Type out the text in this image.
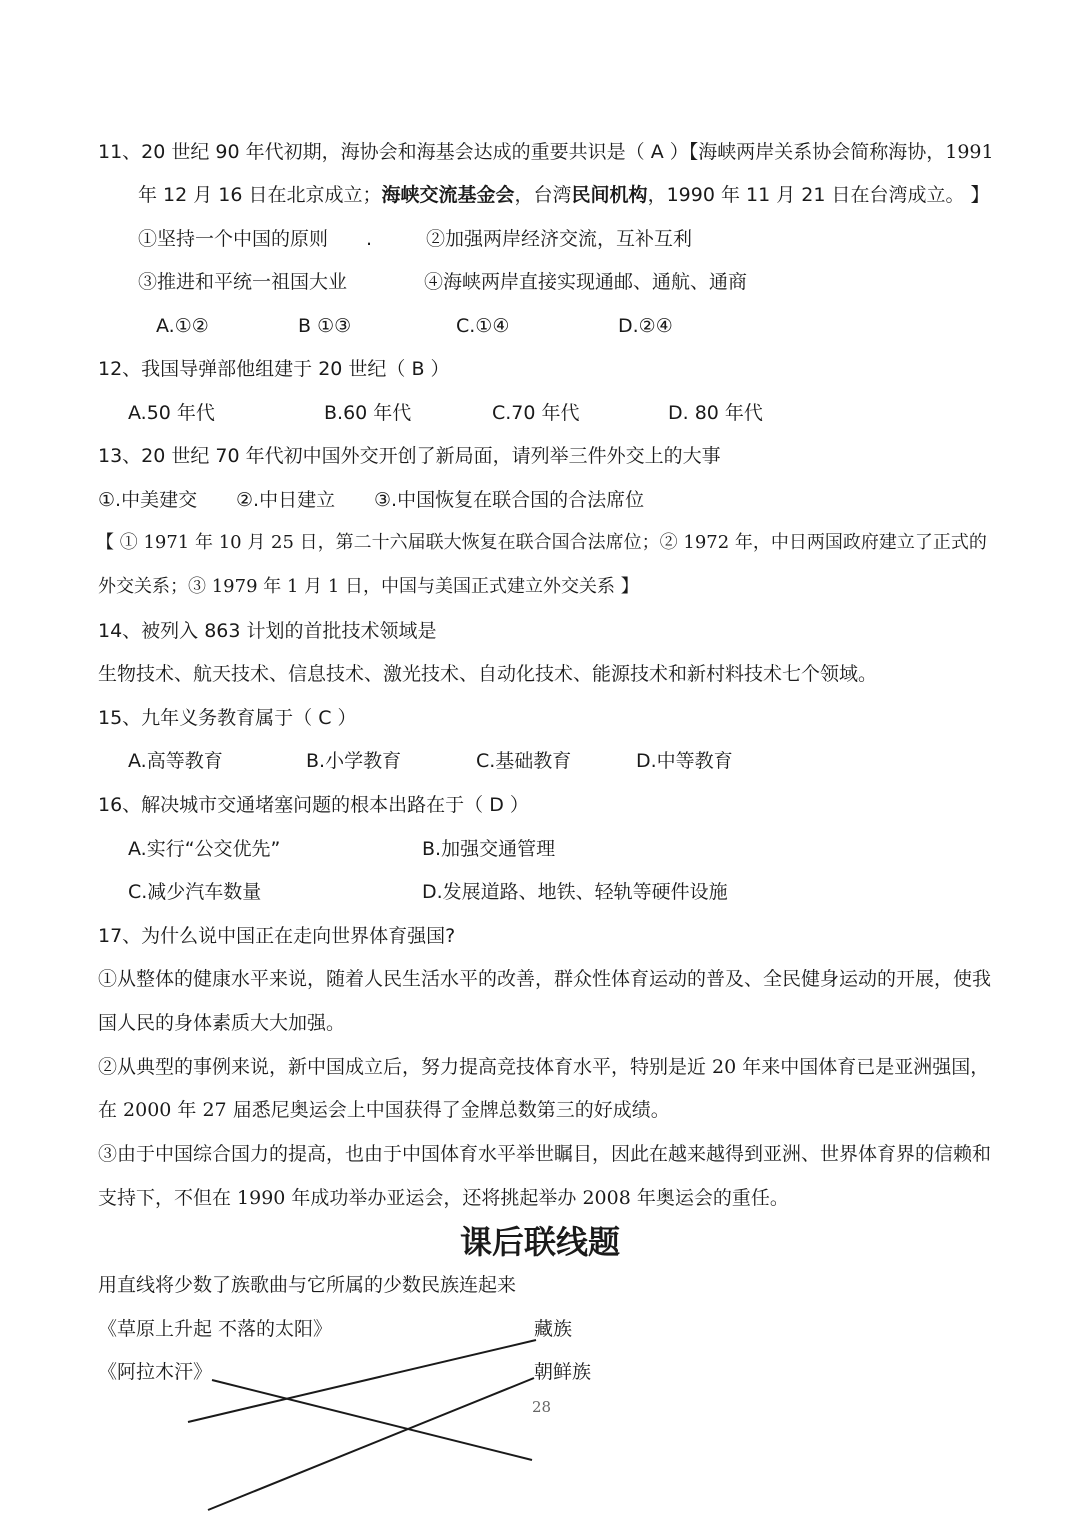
11、20 世纪 90 年代初期，海协会和海基会达成的重要共识是（ A ）【海峡两岸关系协会简称海协，1991
年 12 月 16 日在北京成立；海峡交流基金会，台湾民间机构，1990 年 11 月 21 日在台湾成立。 】
①坚持一个中国的原则 .	②加强两岸经济交流，互补互利
③推进和平统一祖国大业	④海峡两岸直接实现通邮、通航、通商
A.①②	B ①③	C.①④	D.②④
12、我国导弹部他组建于 20 世纪（ B ）
A.50 年代	B.60 年代	C.70 年代	D. 80 年代
13、20 世纪 70 年代初中国外交开创了新局面，请列举三件外交上的大事
①.中美建交 ②.中日建立 ③.中国恢复在联合国的合法席位
【 ① 1971 年 10 月 25 日，第二十六届联大恢复在联合国合法席位；② 1972 年，中日两国政府建立了正式的
外交关系；③ 1979 年 1 月 1 日，中国与美国正式建立外交关系 】
14、被列入 863 计划的首批技术领域是
生物技术、航天技术、信息技术、激光技术、自动化技术、能源技术和新村料技术七个领域。
15、九年义务教育属于（ C ）
A.高等教育	B.小学教育	C.基础教育	D.中等教育
16、解决城市交通堵塞问题的根本出路在于（ D ）
A.实行“公交优先”	B.加强交通管理
C.减少汽车数量	D.发展道路、地铁、轻轨等硬件设施
17、为什么说中国正在走向世界体育强国?
①从整体的健康水平来说，随着人民生活水平的改善，群众性体育运动的普及、全民健身运动的开展，使我
国人民的身体素质大大加强。
②从典型的事例来说，新中国成立后，努力提高竞技体育水平，特别是近 20 年来中国体育已是亚洲强国，
在 2000 年 27 届悉尼奥运会上中国获得了金牌总数第三的好成绩。
③由于中国综合国力的提高，也由于中国体育水平举世瞩目，因此在越来越得到亚洲、世界体育界的信赖和
支持下，不但在 1990 年成功举办亚运会，还将挑起举办 2008 年奥运会的重任。
课后联线题
用直线将少数了族歌曲与它所属的少数民族连起来
《草原上升起 不落的太阳》
《阿拉木汗》
藏族
朝鲜族
28
